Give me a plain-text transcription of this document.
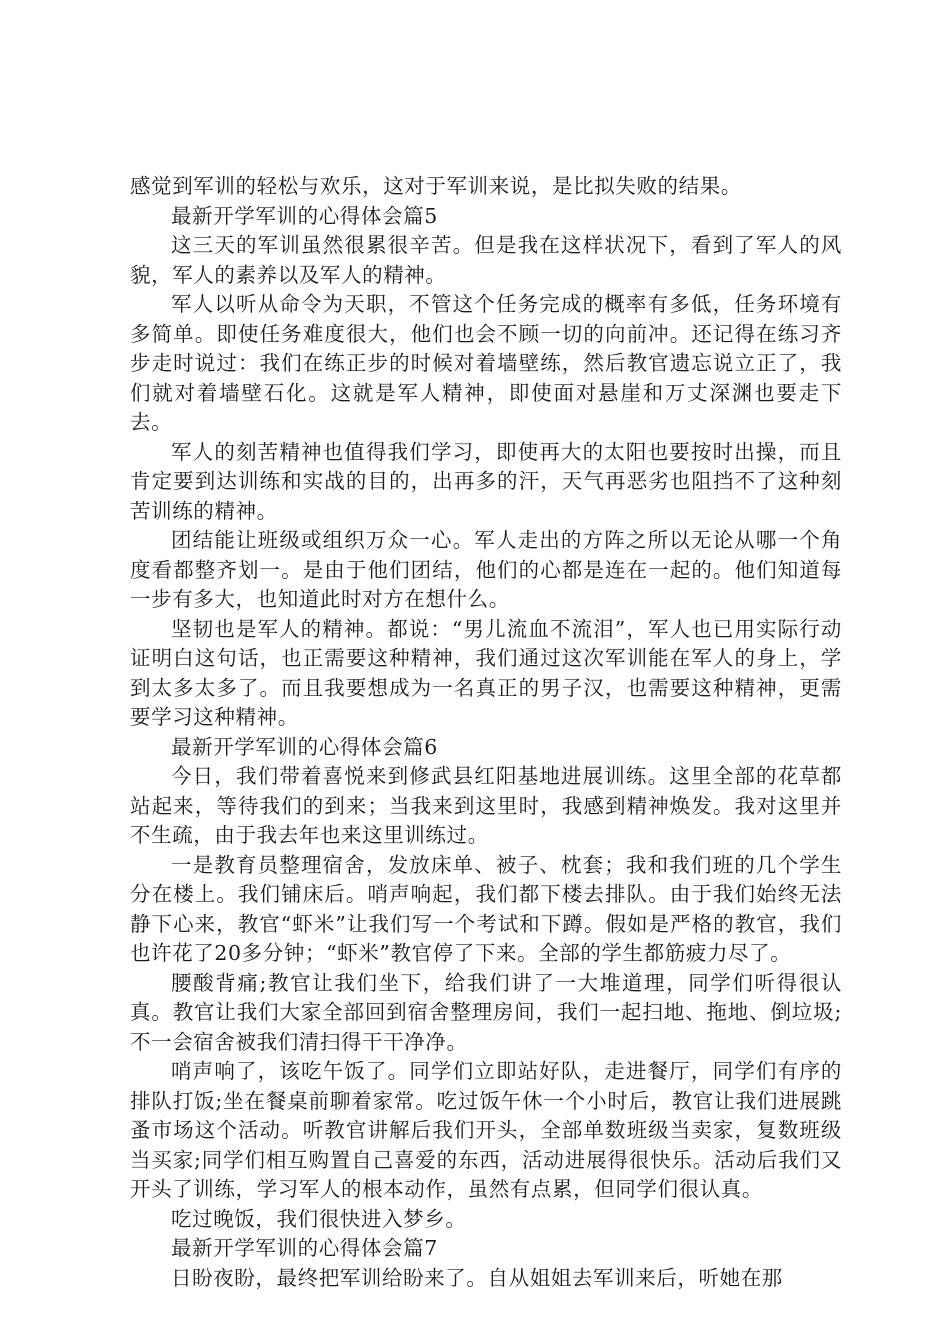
感觉到军训的轻松与欢乐，这对于军训来说，是比拟失败的结果。

最新开学军训的心得体会篇5

这三天的军训虽然很累很辛苦。但是我在这样状况下，看到了军人的风貌，军人的素养以及军人的精神。

军人以听从命令为天职，不管这个任务完成的概率有多低，任务环境有多简单。即使任务难度很大，他们也会不顾一切的向前冲。还记得在练习齐步走时说过：我们在练正步的时候对着墙壁练，然后教官遗忘说立正了，我们就对着墙壁石化。这就是军人精神，即使面对悬崖和万丈深渊也要走下去。

军人的刻苦精神也值得我们学习，即使再大的太阳也要按时出操，而且肯定要到达训练和实战的目的，出再多的汗，天气再恶劣也阻挡不了这种刻苦训练的精神。

团结能让班级或组织万众一心。军人走出的方阵之所以无论从哪一个角度看都整齐划一。是由于他们团结，他们的心都是连在一起的。他们知道每一步有多大，也知道此时对方在想什么。

坚韧也是军人的精神。都说：“男儿流血不流泪”，军人也已用实际行动证明白这句话，也正需要这种精神，我们通过这次军训能在军人的身上，学到太多太多了。而且我要想成为一名真正的男子汉，也需要这种精神，更需要学习这种精神。

最新开学军训的心得体会篇6

今日，我们带着喜悦来到修武县红阳基地进展训练。这里全部的花草都站起来，等待我们的到来；当我来到这里时，我感到精神焕发。我对这里并不生疏，由于我去年也来这里训练过。

一是教育员整理宿舍，发放床单、被子、枕套；我和我们班的几个学生分在楼上。我们铺床后。哨声响起，我们都下楼去排队。由于我们始终无法静下心来，教官“虾米”让我们写一个考试和下蹲。假如是严格的教官，我们也许花了20多分钟；“虾米”教官停了下来。全部的学生都筋疲力尽了。

腰酸背痛;教官让我们坐下，给我们讲了一大堆道理，同学们听得很认真。教官让我们大家全部回到宿舍整理房间，我们一起扫地、拖地、倒垃圾;不一会宿舍被我们清扫得干干净净。

哨声响了，该吃午饭了。同学们立即站好队，走进餐厅，同学们有序的排队打饭;坐在餐桌前聊着家常。吃过饭午休一个小时后，教官让我们进展跳蚤市场这个活动。听教官讲解后我们开头，全部单数班级当卖家，复数班级当买家;同学们相互购置自己喜爱的东西，活动进展得很快乐。活动后我们又开头了训练，学习军人的根本动作，虽然有点累，但同学们很认真。

吃过晚饭，我们很快进入梦乡。

最新开学军训的心得体会篇7

日盼夜盼，最终把军训给盼来了。自从姐姐去军训来后，听她在那
